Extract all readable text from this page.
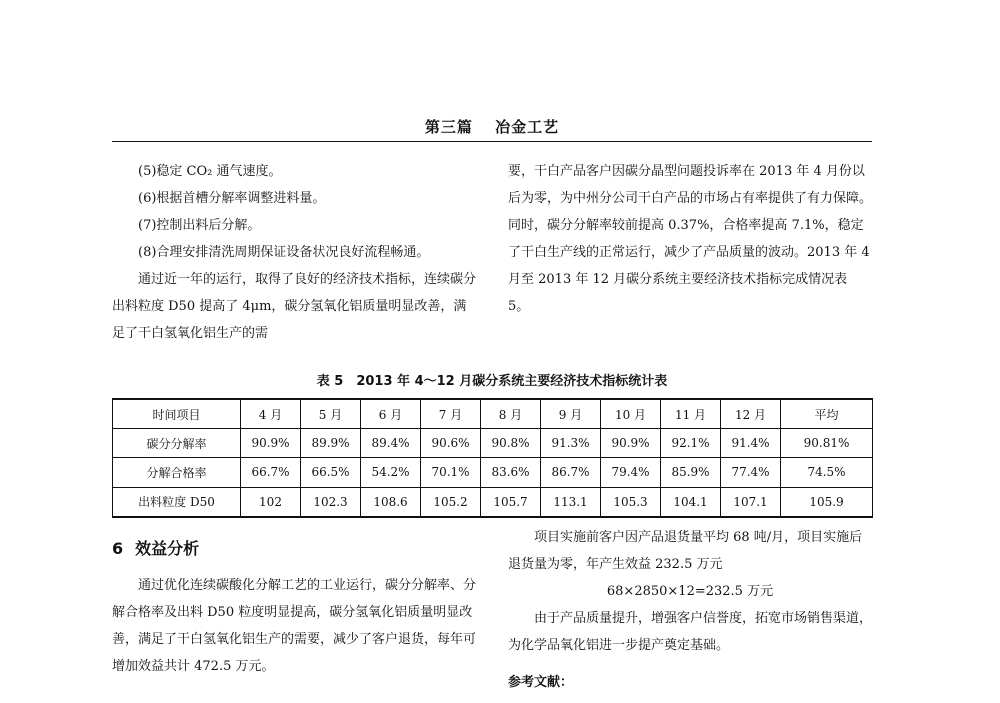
第三篇 冶金工艺

(5)稳定 CO₂ 通气速度。

(6)根据首槽分解率调整进料量。

(7)控制出料后分解。

(8)合理安排清洗周期保证设备状况良好流程畅通。

通过近一年的运行，取得了良好的经济技术指标，连续碳分出料粒度 D50 提高了 4μm，碳分氢氧化铝质量明显改善，满足了干白氢氧化铝生产的需

要，干白产品客户因碳分晶型问题投诉率在 2013 年 4 月份以后为零，为中州分公司干白产品的市场占有率提供了有力保障。同时，碳分分解率较前提高 0.37%，合格率提高 7.1%，稳定了干白生产线的正常运行，减少了产品质量的波动。2013 年 4 月至 2013 年 12 月碳分系统主要经济技术指标完成情况表 5。

表 5　2013 年 4～12 月碳分系统主要经济技术指标统计表
时间项目	4 月	5 月	6 月	7 月	8 月	9 月	10 月	11 月	12 月	平均
碳分分解率	90.9%	89.9%	89.4%	90.6%	90.8%	91.3%	90.9%	92.1%	91.4%	90.81%
分解合格率	66.7%	66.5%	54.2%	70.1%	83.6%	86.7%	79.4%	85.9%	77.4%	74.5%
出料粒度 D50	102	102.3	108.6	105.2	105.7	113.1	105.3	104.1	107.1	105.9
6 效益分析

通过优化连续碳酸化分解工艺的工业运行，碳分分解率、分解合格率及出料 D50 粒度明显提高，碳分氢氧化铝质量明显改善，满足了干白氢氧化铝生产的需要，减少了客户退货，每年可增加效益共计 472.5 万元。

项目实施前客户因产品退货量平均 68 吨/月，项目实施后退货量为零，年产生效益 232.5 万元

68×2850×12=232.5 万元

由于产品质量提升，增强客户信誉度，拓宽市场销售渠道，为化学品氧化铝进一步提产奠定基础。

参考文献：
